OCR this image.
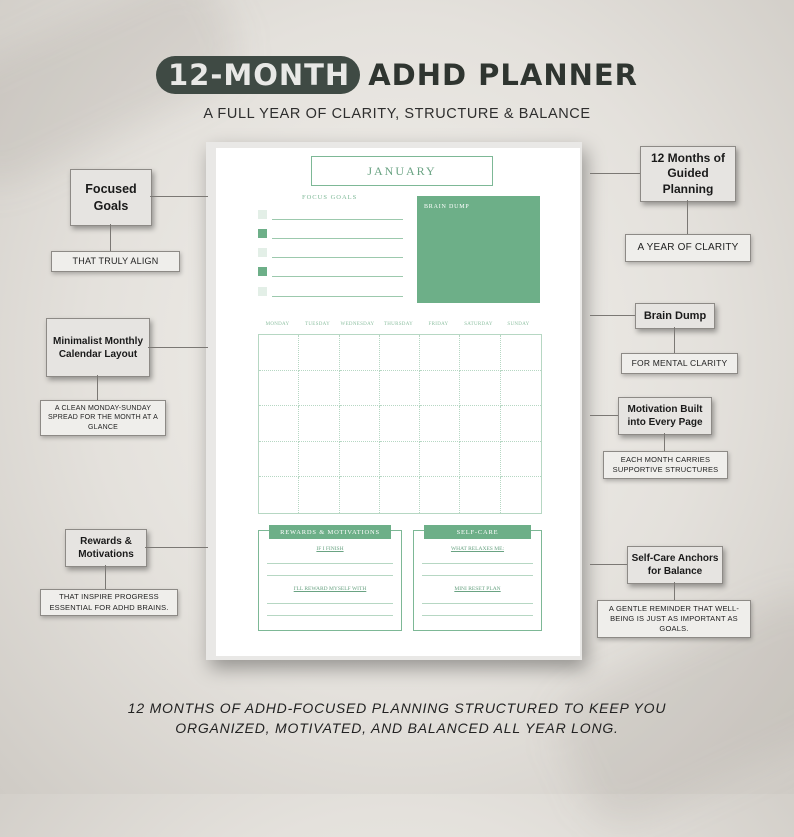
12-MONTH ADHD PLANNER
A FULL YEAR OF CLARITY, STRUCTURE & BALANCE
JANUARY
FOCUS GOALS
BRAIN DUMP
MONDAY	TUESDAY	WEDNESDAY	THURSDAY	FRIDAY	SATURDAY	SUNDAY
REWARDS & MOTIVATIONS
IF I FINISH
I'LL REWARD MYSELF WITH
SELF-CARE
WHAT RELAXES ME:
MINI RESET PLAN
Focused Goals
THAT TRULY ALIGN
Minimalist Monthly Calendar Layout
A CLEAN MONDAY-SUNDAY SPREAD FOR THE MONTH AT A GLANCE
Rewards & Motivations
THAT INSPIRE PROGRESS ESSENTIAL FOR ADHD BRAINS.
12 Months of Guided Planning
A YEAR OF CLARITY
Brain Dump
FOR MENTAL CLARITY
Motivation Built into Every Page
EACH MONTH CARRIES SUPPORTIVE STRUCTURES
Self-Care Anchors for Balance
A GENTLE REMINDER THAT WELL-BEING IS JUST AS IMPORTANT AS GOALS.
12 MONTHS OF ADHD-FOCUSED PLANNING STRUCTURED TO KEEP YOU
ORGANIZED, MOTIVATED, AND BALANCED ALL YEAR LONG.
